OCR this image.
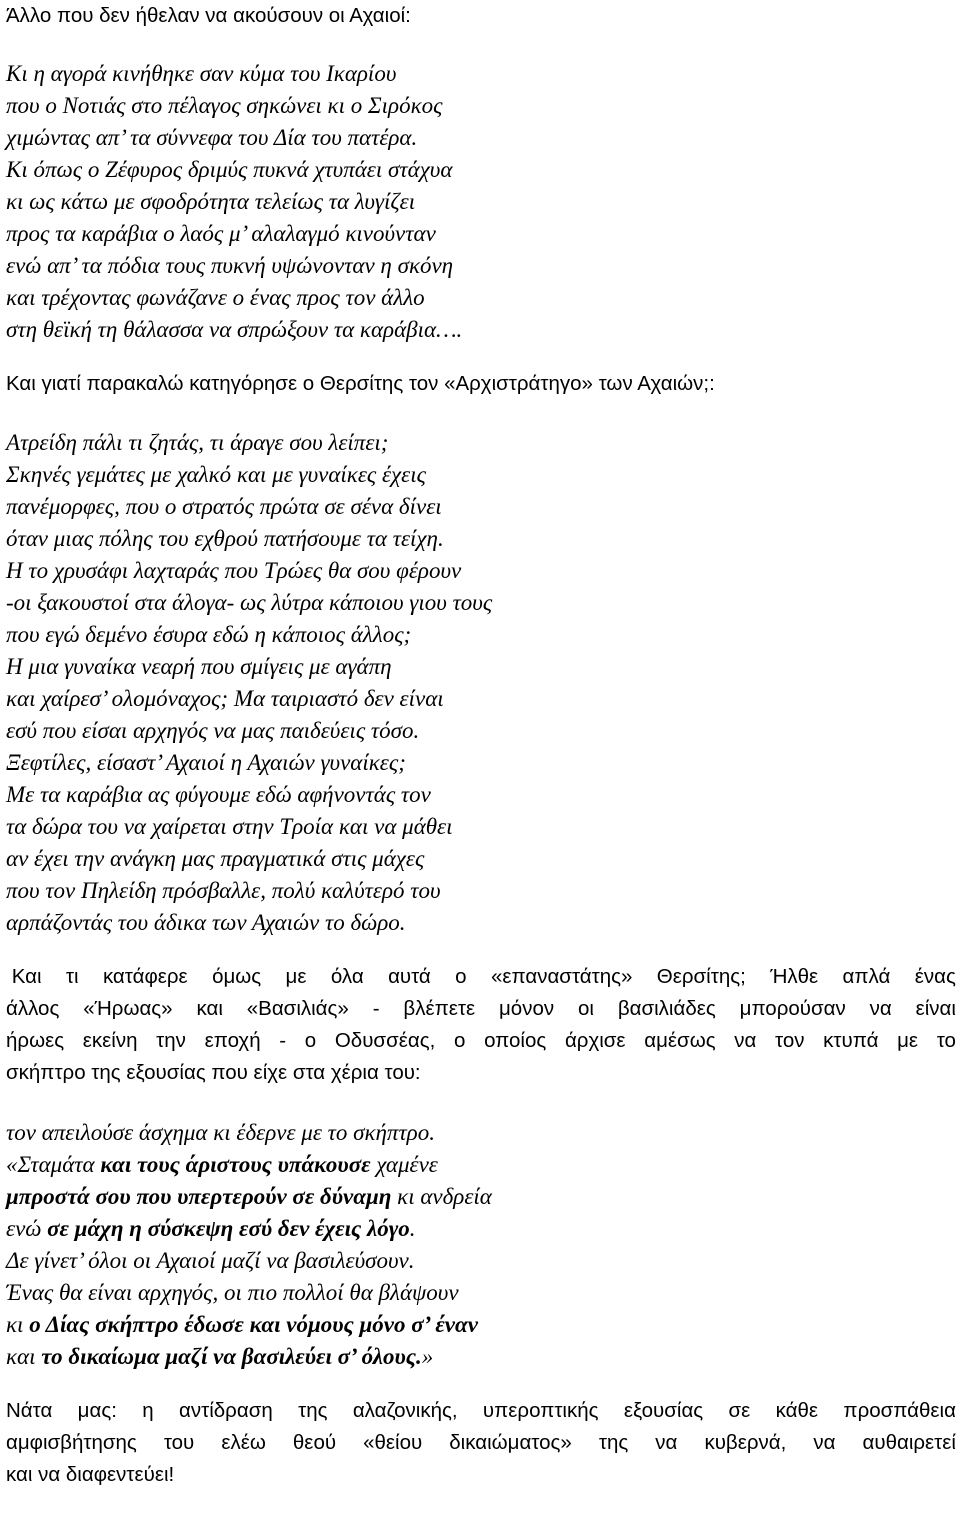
Άλλο που δεν ήθελαν να ακούσουν οι Αχαιοί:
Κι η αγορά κινήθηκε σαν κύμα του Ικαρίου
που ο Νοτιάς στο πέλαγος σηκώνει κι ο Σιρόκος
χιμώντας απ’ τα σύννεφα του Δία του πατέρα.
Κι όπως ο Ζέφυρος δριμύς πυκνά χτυπάει στάχυα
κι ως κάτω με σφοδρότητα τελείως τα λυγίζει
προς τα καράβια ο λαός μ’ αλαλαγμό κινούνταν
ενώ απ’ τα πόδια τους πυκνή υψώνονταν η σκόνη
και τρέχοντας φωνάζανε ο ένας προς τον άλλο
στη θεϊκή τη θάλασσα να σπρώξουν τα καράβια….
Και γιατί παρακαλώ κατηγόρησε ο Θερσίτης τον «Αρχιστράτηγο» των Αχαιών;:
Ατρείδη πάλι τι ζητάς, τι άραγε σου λείπει;
Σκηνές γεμάτες με χαλκό και με γυναίκες έχεις
πανέμορφες, που ο στρατός πρώτα σε σένα δίνει
όταν μιας πόλης του εχθρού πατήσουμε τα τείχη.
Η το χρυσάφι λαχταράς που Τρώες θα σου φέρουν
-οι ξακουστοί στα άλογα- ως λύτρα κάποιου γιου τους
που εγώ δεμένο έσυρα εδώ η κάποιος άλλος;
Η μια γυναίκα νεαρή που σμίγεις με αγάπη
και χαίρεσ’ ολομόναχος; Μα ταιριαστό δεν είναι
εσύ που είσαι αρχηγός να μας παιδεύεις τόσο.
Ξεφτίλες, είσαστ’ Αχαιοί η Αχαιών γυναίκες;
Με τα καράβια ας φύγουμε εδώ αφήνοντάς τον
τα δώρα του να χαίρεται στην Τροία και να μάθει
αν έχει την ανάγκη μας πραγματικά στις μάχες
που τον Πηλείδη πρόσβαλλε, πολύ καλύτερό του
αρπάζοντάς του άδικα των Αχαιών το δώρο.
Και τι κατάφερε όμως με όλα αυτά ο «επαναστάτης» Θερσίτης; Ήλθε απλά ένας
άλλος «Ήρωας» και «Βασιλιάς» - βλέπετε μόνον οι βασιλιάδες μπορούσαν να είναι
ήρωες εκείνη την εποχή - ο Οδυσσέας, ο οποίος άρχισε αμέσως να τον κτυπά με το
σκήπτρο της εξουσίας που είχε στα χέρια του:
τον απειλούσε άσχημα κι έδερνε με το σκήπτρο.
«Σταμάτα και τους άριστους υπάκουσε χαμένε
μπροστά σου που υπερτερούν σε δύναμη κι ανδρεία
ενώ σε μάχη η σύσκεψη εσύ δεν έχεις λόγο.
Δε γίνετ’ όλοι οι Αχαιοί μαζί να βασιλεύσουν.
Ένας θα είναι αρχηγός, οι πιο πολλοί θα βλάψουν
κι ο Δίας σκήπτρο έδωσε και νόμους μόνο σ’ έναν
και το δικαίωμα μαζί να βασιλεύει σ’ όλους.»
Νάτα μας: η αντίδραση της αλαζονικής, υπεροπτικής εξουσίας σε κάθε προσπάθεια
αμφισβήτησης του ελέω θεού «θείου δικαιώματος» της να κυβερνά, να αυθαιρετεί
και να διαφεντεύει!
